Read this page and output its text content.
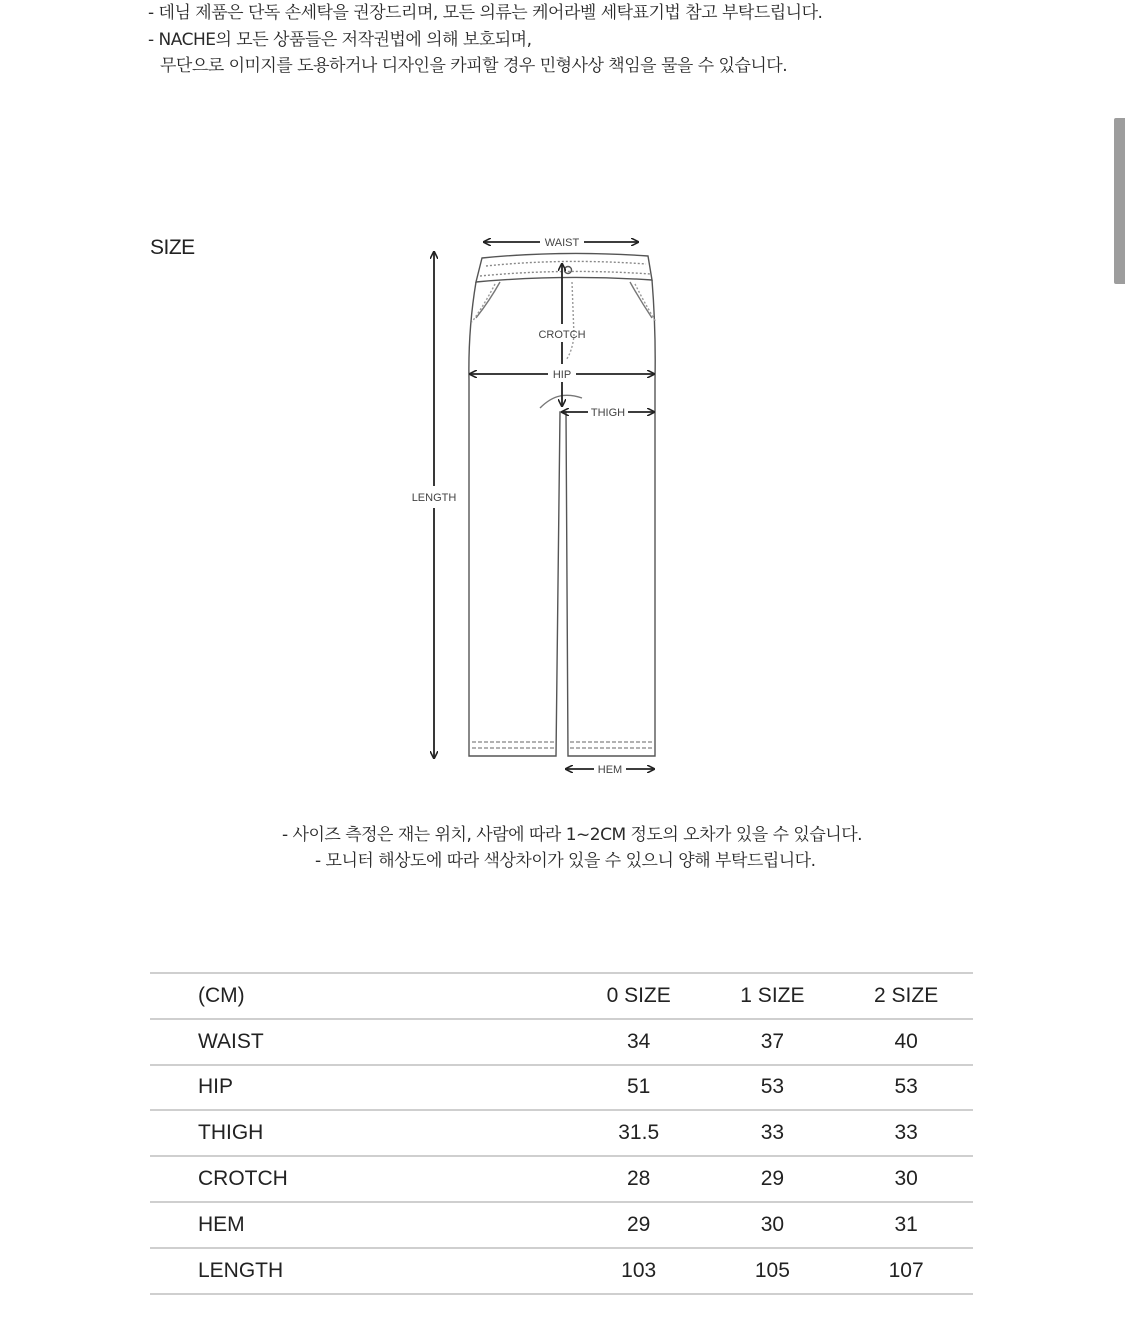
- 데님 제품은 단독 손세탁을 권장드리며, 모든 의류는 케어라벨 세탁표기법 참고 부탁드립니다.
- NACHE의 모든 상품들은 저작권법에 의해 보호되며,
무단으로 이미지를 도용하거나 디자인을 카피할 경우 민형사상 책임을 물을 수 있습니다.
SIZE	WAIST
CROTCH
HIP
THIGH
LENGTH
HEM
- 사이즈 측정은 재는 위치, 사람에 따라 1~2CM 정도의 오차가 있을 수 있습니다.
- 모니터 해상도에 따라 색상차이가 있을 수 있으니 양해 부탁드립니다.
(CM)	0 SIZE	1 SIZE	2 SIZE
WAIST	34	37	40
HIP	51	53	53
THIGH	31.5	33	33
CROTCH	28	29	30
HEM	29	30	31
LENGTH	103	105	107
